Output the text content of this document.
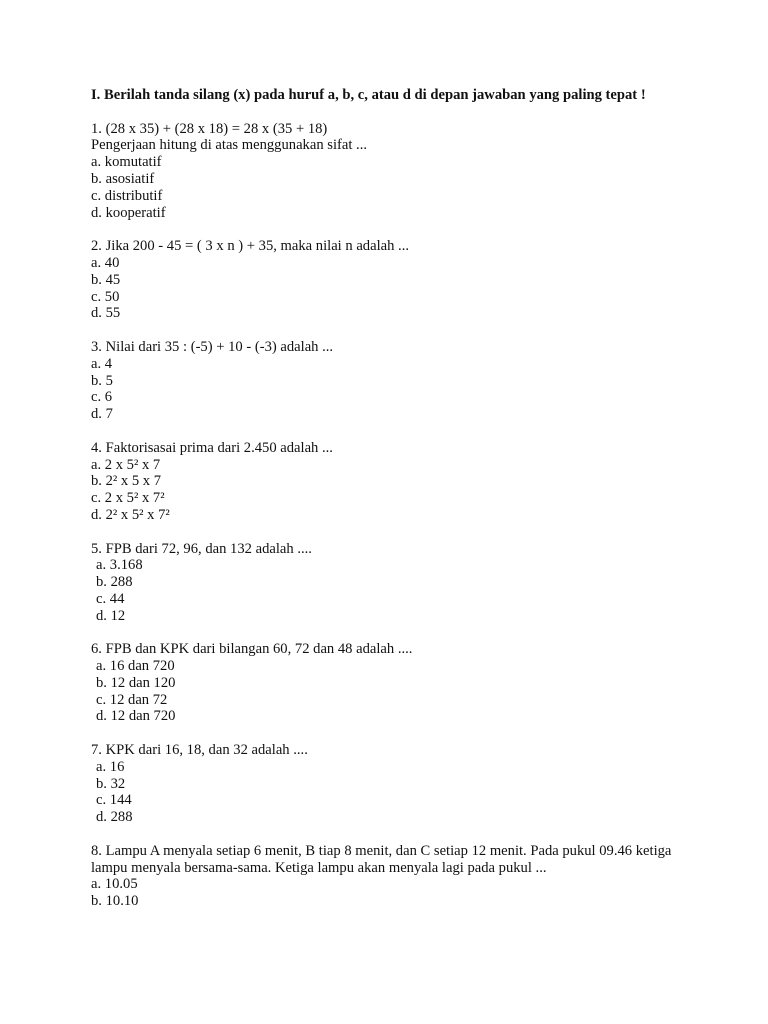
I. Berilah tanda silang (x) pada huruf a, b, c, atau d di depan jawaban yang paling tepat !
1. (28 x 35) + (28 x 18) = 28 x (35 + 18)
Pengerjaan hitung di atas menggunakan sifat ...
a. komutatif
b. asosiatif
c. distributif
d. kooperatif
2. Jika 200 - 45 = ( 3 x n ) + 35, maka nilai n adalah ...
a. 40
b. 45
c. 50
d. 55
3. Nilai dari 35 : (-5) + 10 - (-3) adalah ...
a. 4
b. 5
c. 6
d. 7
4. Faktorisasai prima dari 2.450 adalah ...
a. 2 x 5² x 7
b. 2² x 5 x 7
c. 2 x 5² x 7²
d. 2² x 5² x 7²
5. FPB dari 72, 96, dan 132 adalah ....
a. 3.168
b. 288
c. 44
d. 12
6. FPB dan KPK dari bilangan 60, 72 dan 48 adalah ....
a. 16 dan 720
b. 12 dan 120
c. 12 dan 72
d. 12 dan 720
7. KPK dari 16, 18, dan 32 adalah ....
a. 16
b. 32
c. 144
d. 288
8. Lampu A menyala setiap 6 menit, B tiap 8 menit, dan C setiap 12 menit. Pada pukul 09.46 ketiga lampu menyala bersama-sama. Ketiga lampu akan menyala lagi pada pukul ...
a. 10.05
b. 10.10
